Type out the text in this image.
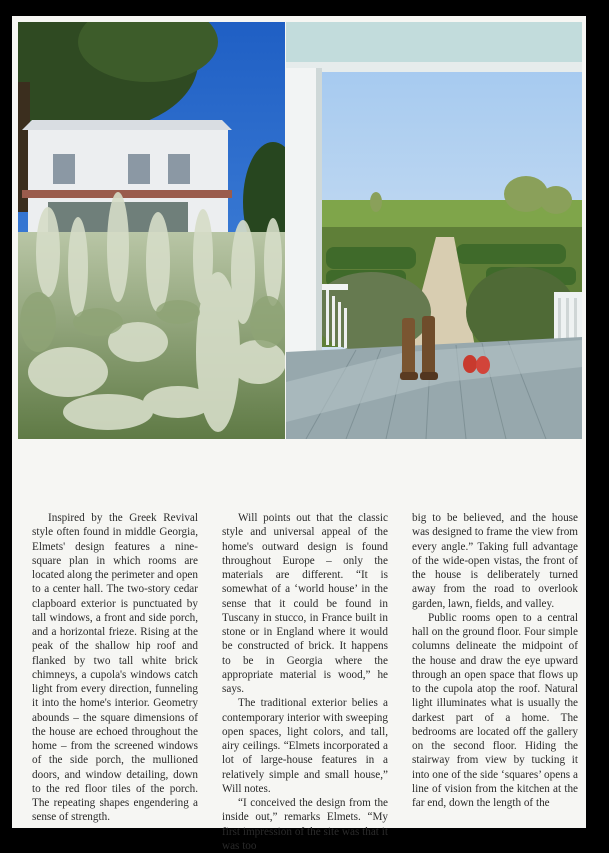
Inspired by the Greek Revival style often found in middle Georgia, Elmets' design features a nine-square plan in which rooms are located along the perimeter and open to a center hall. The two-story cedar clapboard exterior is punctuated by tall windows, a front and side porch, and a horizontal frieze. Rising at the peak of the shallow hip roof and flanked by two tall white brick chimneys, a cupola's windows catch light from every direction, funneling it into the home's interior. Geometry abounds – the square dimensions of the house are echoed throughout the home – from the screened windows of the side porch, the mullioned doors, and window detailing, down to the red floor tiles of the porch. The repeating shapes engendering a sense of strength.

Will points out that the classic style and universal appeal of the home's outward design is found throughout Europe – only the materials are different. “It is somewhat of a ‘world house’ in the sense that it could be found in Tuscany in stucco, in France built in stone or in England where it would be constructed of brick. It happens to be in Georgia where the appropriate material is wood,” he says.

The traditional exterior belies a contemporary interior with sweeping open spaces, light colors, and tall, airy ceilings. “Elmets incorporated a lot of large-house features in a relatively simple and small house,” Will notes.

“I conceived the design from the inside out,” remarks Elmets. “My first impression of the site was that it was too

big to be believed, and the house was designed to frame the view from every angle.” Taking full advantage of the wide-open vistas, the front of the house is deliberately turned away from the road to overlook garden, lawn, fields, and valley.

Public rooms open to a central hall on the ground floor. Four simple columns delineate the midpoint of the house and draw the eye upward through an open space that flows up to the cupola atop the roof. Natural light illuminates what is usually the darkest part of a home. The bedrooms are located off the gallery on the second floor. Hiding the stairway from view by tucking it into one of the side ‘squares’ opens a line of vision from the kitchen at the far end, down the length of the
